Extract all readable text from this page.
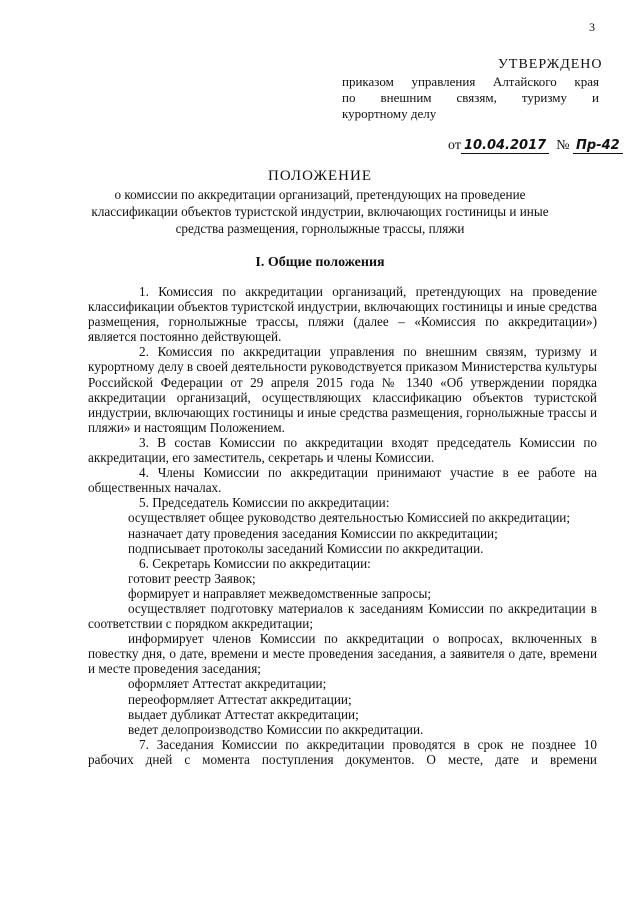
3
УТВЕРЖДЕНО
приказом управления Алтайского края
по внешним связям, туризму и
курортному делу
от 10.04.2017 № Пр-42
ПОЛОЖЕНИЕ
о комиссии по аккредитации организаций, претендующих на проведение
классификации объектов туристской индустрии, включающих гостиницы и иные
средства размещения, горнолыжные трассы, пляжи
I. Общие положения

1. Комиссия по аккредитации организаций, претендующих на проведение классификации объектов туристской индустрии, включающих гостиницы и иные средства размещения, горнолыжные трассы, пляжи (далее – «Комиссия по аккредитации») является постоянно действующей.

2. Комиссия по аккредитации управления по внешним связям, туризму и курортному делу в своей деятельности руководствуется приказом Министерства культуры Российской Федерации от 29 апреля 2015 года № 1340 «Об утверждении порядка аккредитации организаций, осуществляющих классификацию объектов туристской индустрии, включающих гостиницы и иные средства размещения, горнолыжные трассы и пляжи» и настоящим Положением.

3. В состав Комиссии по аккредитации входят председатель Комиссии по аккредитации, его заместитель, секретарь и члены Комиссии.

4. Члены Комиссии по аккредитации принимают участие в ее работе на общественных началах.

5. Председатель Комиссии по аккредитации:

осуществляет общее руководство деятельностью Комиссией по аккредитации;

назначает дату проведения заседания Комиссии по аккредитации;

подписывает протоколы заседаний Комиссии по аккредитации.

6. Секретарь Комиссии по аккредитации:

готовит реестр Заявок;

формирует и направляет межведомственные запросы;

осуществляет подготовку материалов к заседаниям Комиссии по аккредитации в соответствии с порядком аккредитации;

информирует членов Комиссии по аккредитации о вопросах, включенных в повестку дня, о дате, времени и месте проведения заседания, а заявителя о дате, времени и месте проведения заседания;

оформляет Аттестат аккредитации;

переоформляет Аттестат аккредитации;

выдает дубликат Аттестат аккредитации;

ведет делопроизводство Комиссии по аккредитации.

7. Заседания Комиссии по аккредитации проводятся в срок не позднее 10 рабочих дней с момента поступления документов. О месте, дате и времени
